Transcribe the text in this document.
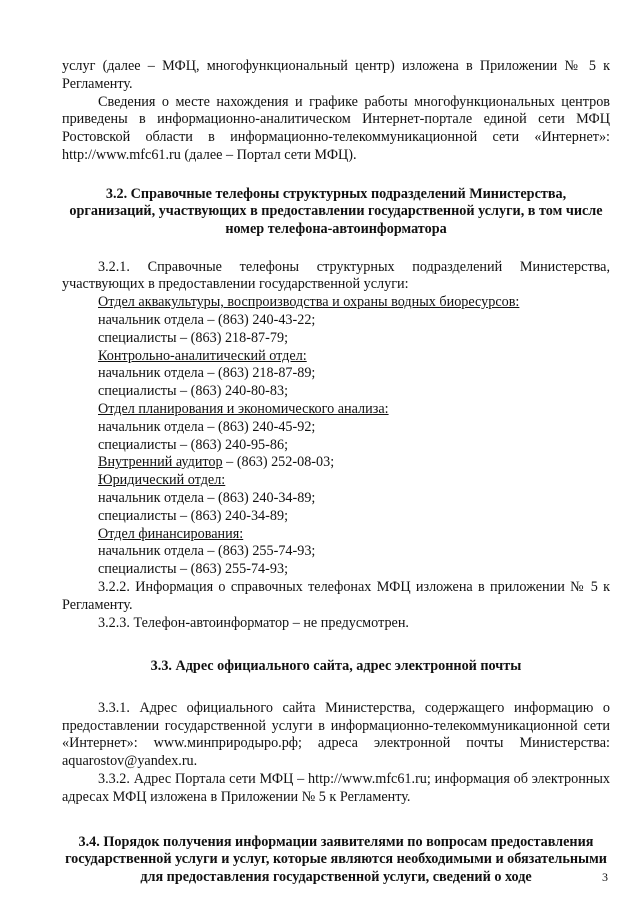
услуг (далее – МФЦ, многофункциональный центр) изложена в Приложении № 5 к Регламенту.

Сведения о месте нахождения и графике работы многофункциональных центров приведены в информационно-аналитическом Интернет-портале единой сети МФЦ Ростовской области в информационно-телекоммуникационной сети «Интернет»: http://www.mfc61.ru (далее – Портал сети МФЦ).

3.2. Справочные телефоны структурных подразделений Министерства, организаций, участвующих в предоставлении государственной услуги, в том числе номер телефона-автоинформатора

3.2.1. Справочные телефоны структурных подразделений Министерства, участвующих в предоставлении государственной услуги:

Отдел аквакультуры, воспроизводства и охраны водных биоресурсов:

начальник отдела – (863) 240-43-22;

специалисты – (863) 218-87-79;

Контрольно-аналитический отдел:

начальник отдела – (863) 218-87-89;

специалисты – (863) 240-80-83;

Отдел планирования и экономического анализа:

начальник отдела – (863) 240-45-92;

специалисты – (863) 240-95-86;

Внутренний аудитор – (863) 252-08-03;

Юридический отдел:

начальник отдела – (863) 240-34-89;

специалисты – (863) 240-34-89;

Отдел финансирования:

начальник отдела – (863) 255-74-93;

специалисты – (863) 255-74-93;

3.2.2. Информация о справочных телефонах МФЦ изложена в приложении № 5 к Регламенту.

3.2.3. Телефон-автоинформатор – не предусмотрен.

3.3. Адрес официального сайта, адрес электронной почты

3.3.1. Адрес официального сайта Министерства, содержащего информацию о предоставлении государственной услуги в информационно-телекоммуникационной сети «Интернет»: www.минприродыро.рф; адреса электронной почты Министерства: aquarostov@yandex.ru.

3.3.2. Адрес Портала сети МФЦ – http://www.mfc61.ru; информация об электронных адресах МФЦ изложена в Приложении № 5 к Регламенту.

3.4. Порядок получения информации заявителями по вопросам предоставления государственной услуги и услуг, которые являются необходимыми и обязательными для предоставления государственной услуги, сведений о ходе	3
